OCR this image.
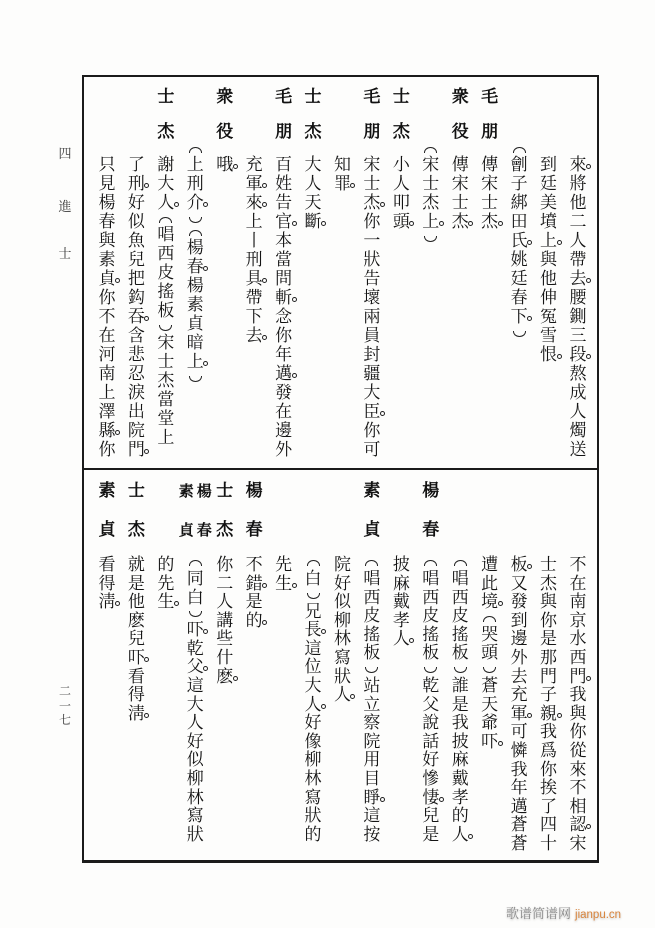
四
進
士
二
一
七
來
將
他
二
人
帶
去
腰
鍘
三
段
熬
成
人
燭
送
到
廷
美
墳
上
與
他
伸
冤
雪
恨
劊
子
綁
田
氏
姚
廷
春
下
毛
朋
傳
宋
士
杰
衆
役
傳
宋
士
杰
宋
士
杰
上
士
杰
小
人
叩
頭
毛
朋
宋
士
杰
你
一
狀
告
壞
兩
員
封
疆
大
臣
你
可
知
罪
士
杰
大
人
天
斷
毛
朋
百
姓
告
官
本
當
問
斬
念
你
年
邁
發
在
邊
外
充
軍
來
上
丨
刑
具
帶
下
去
衆
役
哦
上
刑
介
楊
春
楊
素
貞
暗
上
士
杰
謝
大
人
唱
西
皮
搖
板
宋
士
杰
當
堂
上
了
刑
好
似
魚
兒
把
鈎
吞
含
悲
忍
淚
出
院
門
只
見
楊
春
與
素
貞
你
不
在
河
南
上
澤
縣
你
不
在
南
京
水
西
門
我
與
你
從
來
不
相
認
宋
士
杰
與
你
是
那
門
子
親
我
爲
你
挨
了
四
十
板
又
發
到
邊
外
去
充
軍
可
憐
我
年
邁
蒼
蒼
遭
此
境
哭
頭
蒼
天
爺
吓
唱
西
皮
搖
板
誰
是
我
披
麻
戴
孝
的
人
楊
春
唱
西
皮
搖
板
乾
父
說
話
好
慘
悽
兒
是
披
麻
戴
孝
人
素
貞
唱
西
皮
搖
板
站
立
察
院
用
目
睜
這
按
院
好
似
柳
林
寫
狀
人
白
兄
長
這
位
大
人
好
像
柳
林
寫
狀
的
先
生
楊
春
不
錯
是
的
士
杰
你
二
人
講
些
什
麽
楊
春
素
貞
同
白
吓
乾
父
這
大
人
好
似
柳
林
寫
狀
的
先
生
士
杰
就
是
他
麽
兒
吓
看
得
淸
素
貞
看
得
淸
歌谱简谱网 jianpu.cn
